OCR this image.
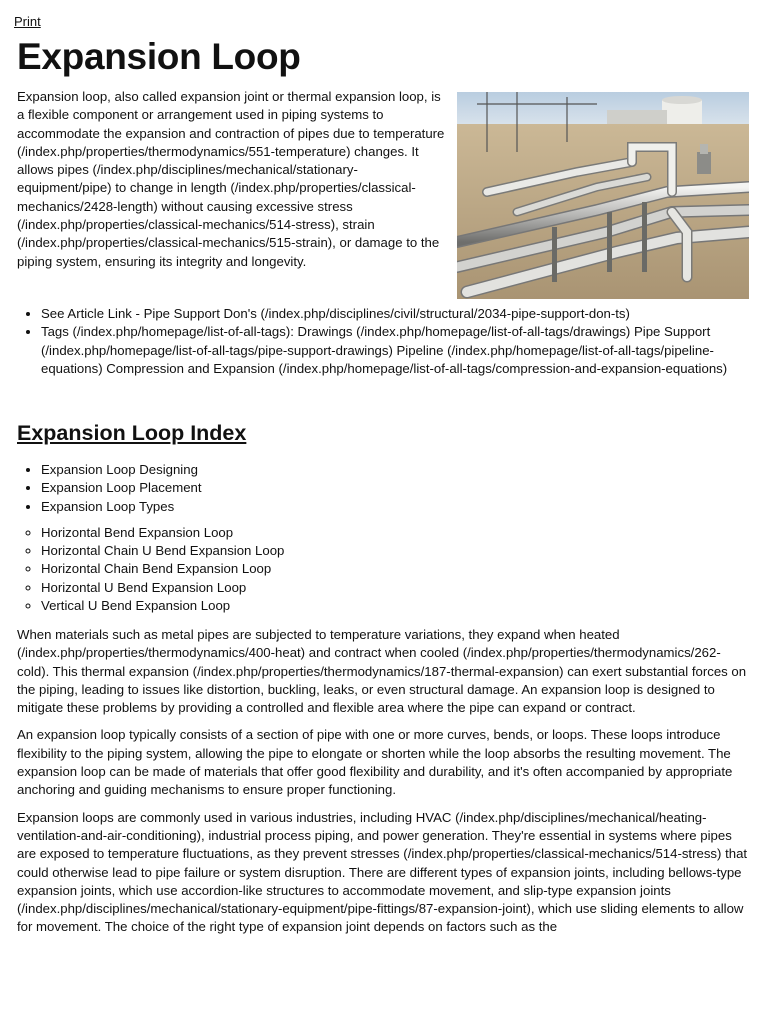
Print
Expansion Loop

Expansion loop, also called expansion joint or thermal expansion loop, is a flexible component or arrangement used in piping systems to accommodate the expansion and contraction of pipes due to temperature (/index.php/properties/thermodynamics/551-temperature) changes. It allows pipes (/index.php/disciplines/mechanical/stationary-equipment/pipe) to change in length (/index.php/properties/classical-mechanics/2428-length) without causing excessive stress (/index.php/properties/classical-mechanics/514-stress), strain (/index.php/properties/classical-mechanics/515-strain), or damage to the piping system, ensuring its integrity and longevity.

• See Article Link - Pipe Support Don's (/index.php/disciplines/civil/structural/2034-pipe-support-don-ts)
• Tags (/index.php/homepage/list-of-all-tags): Drawings (/index.php/homepage/list-of-all-tags/drawings) Pipe Support (/index.php/homepage/list-of-all-tags/pipe-support-drawings) Pipeline (/index.php/homepage/list-of-all-tags/pipeline-equations) Compression and Expansion (/index.php/homepage/list-of-all-tags/compression-and-expansion-equations)
Expansion Loop Index
• Expansion Loop Designing
• Expansion Loop Placement
• Expansion Loop Types
◦ Horizontal Bend Expansion Loop
◦ Horizontal Chain U Bend Expansion Loop
◦ Horizontal Chain Bend Expansion Loop
◦ Horizontal U Bend Expansion Loop
◦ Vertical U Bend Expansion Loop

When materials such as metal pipes are subjected to temperature variations, they expand when heated (/index.php/properties/thermodynamics/400-heat) and contract when cooled (/index.php/properties/thermodynamics/262-cold). This thermal expansion (/index.php/properties/thermodynamics/187-thermal-expansion) can exert substantial forces on the piping, leading to issues like distortion, buckling, leaks, or even structural damage. An expansion loop is designed to mitigate these problems by providing a controlled and flexible area where the pipe can expand or contract.

An expansion loop typically consists of a section of pipe with one or more curves, bends, or loops. These loops introduce flexibility to the piping system, allowing the pipe to elongate or shorten while the loop absorbs the resulting movement. The expansion loop can be made of materials that offer good flexibility and durability, and it's often accompanied by appropriate anchoring and guiding mechanisms to ensure proper functioning.

Expansion loops are commonly used in various industries, including HVAC (/index.php/disciplines/mechanical/heating-ventilation-and-air-conditioning), industrial process piping, and power generation. They're essential in systems where pipes are exposed to temperature fluctuations, as they prevent stresses (/index.php/properties/classical-mechanics/514-stress) that could otherwise lead to pipe failure or system disruption. There are different types of expansion joints, including bellows-type expansion joints, which use accordion-like structures to accommodate movement, and slip-type expansion joints (/index.php/disciplines/mechanical/stationary-equipment/pipe-fittings/87-expansion-joint), which use sliding elements to allow for movement. The choice of the right type of expansion joint depends on factors such as the
